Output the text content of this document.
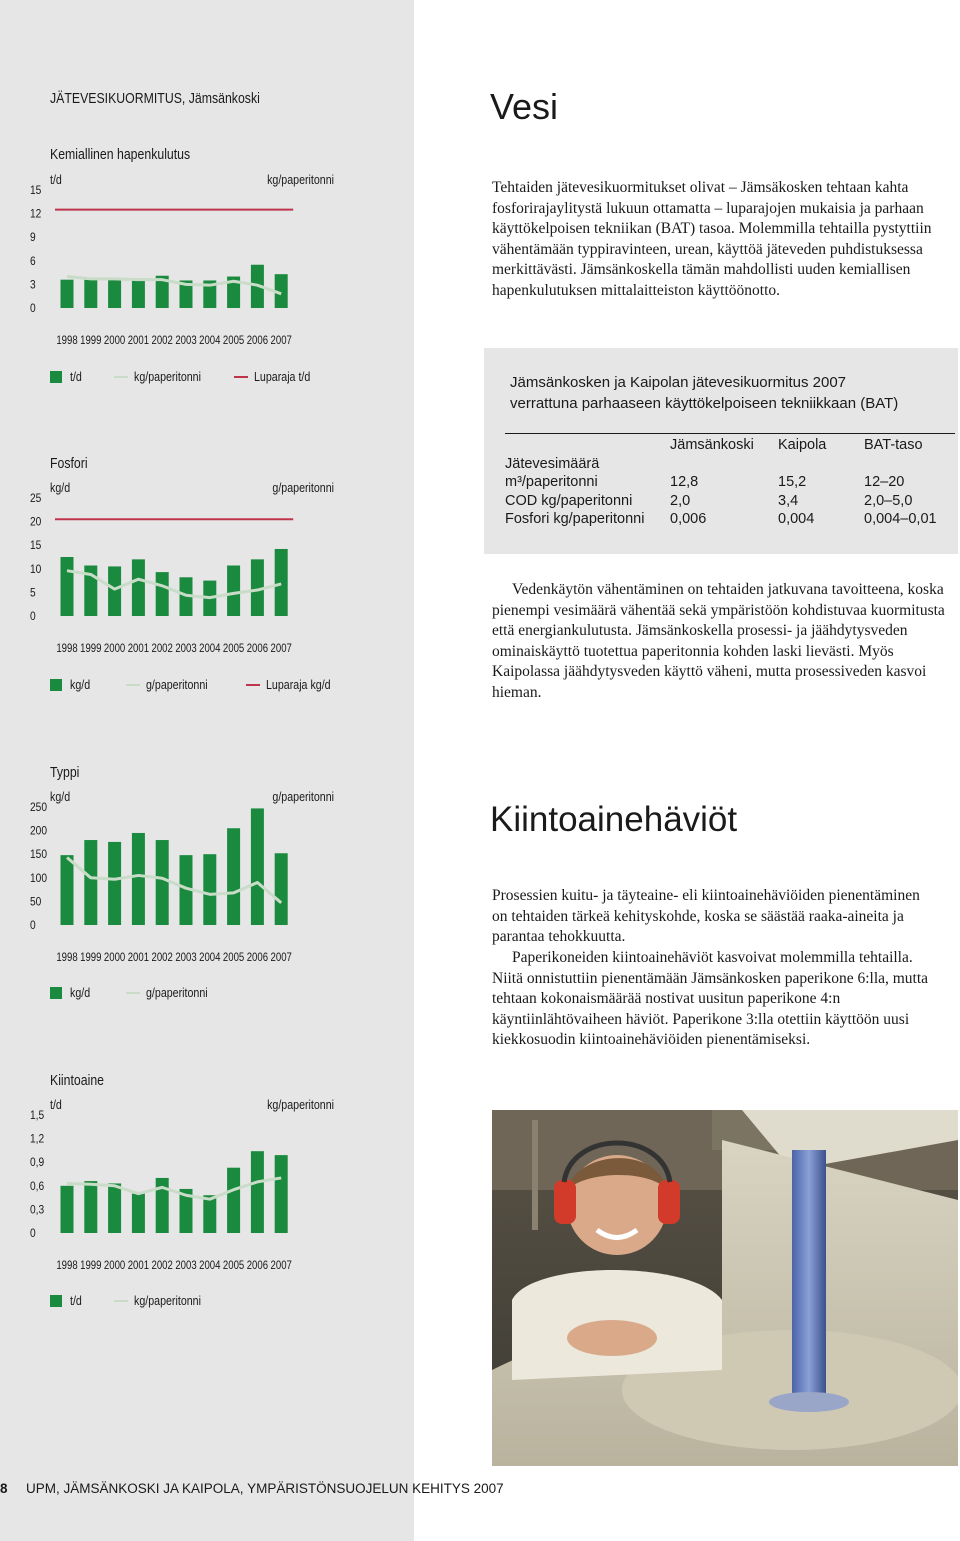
JÄTEVESIKUORMITUS, Jämsänkoski
Kemiallinen hapenkulutus
t/d	kg/paperitonni
15
12
9
6
3
0
1998 1999 2000 2001 2002 2003 2004 2005 2006 2007
t/d	kg/paperitonni	Luparaja t/d
Fosfori
kg/d	g/paperitonni
25
20
15
10
5
0
1998 1999 2000 2001 2002 2003 2004 2005 2006 2007
kg/d	g/paperitonni	Luparaja kg/d
Typpi
kg/d	g/paperitonni
250
200
150
100
50
0
1998 1999 2000 2001 2002 2003 2004 2005 2006 2007
kg/d	g/paperitonni
Kiintoaine
t/d	kg/paperitonni
1,5
1,2
0,9
0,6
0,3
0
1998 1999 2000 2001 2002 2003 2004 2005 2006 2007
t/d	kg/paperitonni
Vesi
Tehtaiden jätevesikuormitukset olivat – Jämsäkosken tehtaan kahta fosforirajaylitystä lukuun ottamatta – luparajojen mukaisia ja parhaan käyttökelpoisen tekniikan (BAT) tasoa. Molemmilla tehtailla pystyttiin vähentämään typpiravinteen, urean, käyttöä jäteveden puhdistuksessa merkittävästi. Jämsänkoskella tämän mahdollisti uuden kemiallisen hapenkulutuksen mittalaitteiston käyttöönotto.
Jämsänkosken ja Kaipolan jätevesikuormitus 2007
verrattuna parhaaseen käyttökelpoiseen tekniikkaan (BAT)
	Jämsänkoski	Kaipola	BAT-taso
Jätevesimäärä			
m³/paperitonni	12,8	15,2	12–20
COD kg/paperitonni	2,0	3,4	2,0–5,0
Fosfori kg/paperitonni	0,006	0,004	0,004–0,01
Vedenkäytön vähentäminen on tehtaiden jatkuvana tavoitteena, koska pienempi vesimäärä vähentää sekä ympäristöön kohdistuvaa kuormitusta että energiankulutusta. Jämsänkoskella prosessi- ja jäähdytysveden ominaiskäyttö tuotettua paperitonnia kohden laski lievästi. Myös Kaipolassa jäähdytysveden käyttö väheni, mutta prosessiveden kasvoi hieman.
Kiintoainehäviöt
Prosessien kuitu- ja täyteaine- eli kiintoainehäviöiden pienentäminen on tehtaiden tärkeä kehityskohde, koska se säästää raaka-aineita ja parantaa tehokkuutta.
Paperikoneiden kiintoainehäviöt kasvoivat molemmilla tehtailla. Niitä onnistuttiin pienentämään Jämsänkosken paperikone 6:lla, mutta tehtaan kokonaismäärää nostivat uusitun paperikone 4:n käyntiinlähtövaiheen häviöt. Paperikone 3:lla otettiin käyttöön uusi kiekkosuodin kiintoainehäviöiden pienentämiseksi.
8 UPM, JÄMSÄNKOSKI JA KAIPOLA, YMPÄRISTÖNSUOJELUN KEHITYS 2007
